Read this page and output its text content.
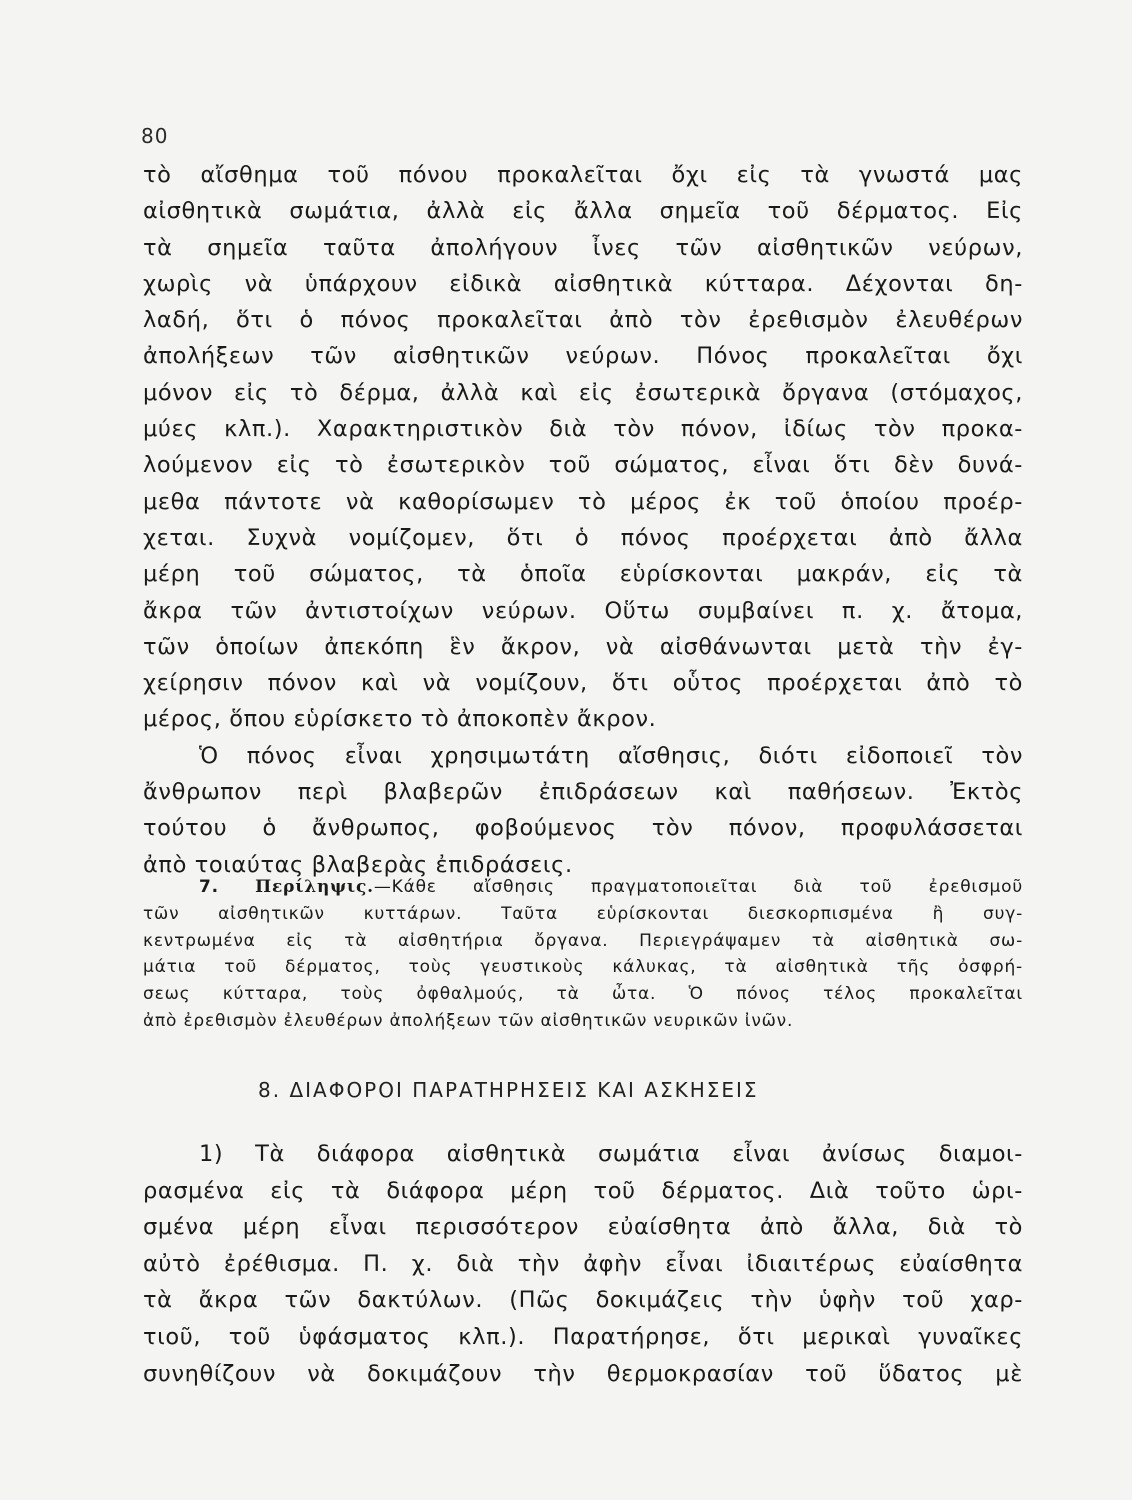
80
τὸ αἴσθημα τοῦ πόνου προκαλεῖται ὄχι εἰς τὰ γνωστά μας
αἰσθητικὰ σωμάτια, ἀλλὰ εἰς ἄλλα σημεῖα τοῦ δέρματος. Εἰς
τὰ σημεῖα ταῦτα ἀπολήγουν ἶνες τῶν αἰσθητικῶν νεύρων,
χωρὶς νὰ ὑπάρχουν εἰδικὰ αἰσθητικὰ κύτταρα. Δέχονται δη-
λαδή, ὅτι ὁ πόνος προκαλεῖται ἀπὸ τὸν ἐρεθισμὸν ἐλευθέρων
ἀπολήξεων τῶν αἰσθητικῶν νεύρων. Πόνος προκαλεῖται ὄχι
μόνον εἰς τὸ δέρμα, ἀλλὰ καὶ εἰς ἐσωτερικὰ ὄργανα (στόμαχος,
μύες κλπ.). Χαρακτηριστικὸν διὰ τὸν πόνον, ἰδίως τὸν προκα-
λούμενον εἰς τὸ ἐσωτερικὸν τοῦ σώματος, εἶναι ὅτι δὲν δυνά-
μεθα πάντοτε νὰ καθορίσωμεν τὸ μέρος ἐκ τοῦ ὁποίου προέρ-
χεται. Συχνὰ νομίζομεν, ὅτι ὁ πόνος προέρχεται ἀπὸ ἄλλα
μέρη τοῦ σώματος, τὰ ὁποῖα εὑρίσκονται μακράν, εἰς τὰ
ἄκρα τῶν ἀντιστοίχων νεύρων. Οὕτω συμβαίνει π. χ. ἄτομα,
τῶν ὁποίων ἀπεκόπη ἓν ἄκρον, νὰ αἰσθάνωνται μετὰ τὴν ἐγ-
χείρησιν πόνον καὶ νὰ νομίζουν, ὅτι οὗτος προέρχεται ἀπὸ τὸ
μέρος, ὅπου εὑρίσκετο τὸ ἀποκοπὲν ἄκρον.
Ὁ πόνος εἶναι χρησιμωτάτη αἴσθησις, διότι εἰδοποιεῖ τὸν
ἄνθρωπον περὶ βλαβερῶν ἐπιδράσεων καὶ παθήσεων. Ἐκτὸς
τούτου ὁ ἄνθρωπος, φοβούμενος τὸν πόνον, προφυλάσσεται
ἀπὸ τοιαύτας βλαβερὰς ἐπιδράσεις.
7. Περίληψις.—Κάθε αἴσθησις πραγματοποιεῖται διὰ τοῦ ἐρεθισμοῦ
τῶν αἰσθητικῶν κυττάρων. Ταῦτα εὑρίσκονται διεσκορπισμένα ἢ συγ-
κεντρωμένα εἰς τὰ αἰσθητήρια ὄργανα. Περιεγράψαμεν τὰ αἰσθητικὰ σω-
μάτια τοῦ δέρματος, τοὺς γευστικοὺς κάλυκας, τὰ αἰσθητικὰ τῆς ὀσφρή-
σεως κύτταρα, τοὺς ὀφθαλμούς, τὰ ὦτα. Ὁ πόνος τέλος προκαλεῖται
ἀπὸ ἐρεθισμὸν ἐλευθέρων ἀπολήξεων τῶν αἰσθητικῶν νευρικῶν ἰνῶν.
8. ΔΙΑΦΟΡΟΙ ΠΑΡΑΤΗΡΗΣΕΙΣ ΚΑΙ ΑΣΚΗΣΕΙΣ
1) Τὰ διάφορα αἰσθητικὰ σωμάτια εἶναι ἀνίσως διαμοι-
ρασμένα εἰς τὰ διάφορα μέρη τοῦ δέρματος. Διὰ τοῦτο ὡρι-
σμένα μέρη εἶναι περισσότερον εὐαίσθητα ἀπὸ ἄλλα, διὰ τὸ
αὐτὸ ἐρέθισμα. Π. χ. διὰ τὴν ἀφὴν εἶναι ἰδιαιτέρως εὐαίσθητα
τὰ ἄκρα τῶν δακτύλων. (Πῶς δοκιμάζεις τὴν ὑφὴν τοῦ χαρ-
τιοῦ, τοῦ ὑφάσματος κλπ.). Παρατήρησε, ὅτι μερικαὶ γυναῖκες
συνηθίζουν νὰ δοκιμάζουν τὴν θερμοκρασίαν τοῦ ὕδατος μὲ
